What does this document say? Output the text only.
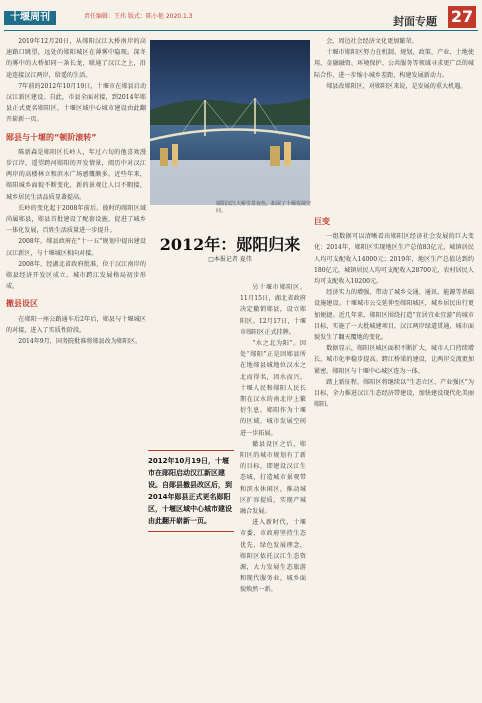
十堰周刊	责任编辑：王玮 版式：陈小艳 2020.1.3	封面专题 27

2019年12月20日，从郧阳汉江大桥南岸的高速路口眺望，远处的郧阳城区在薄雾中隐现。深冬的雾中的大桥如同一条长龙，联通了汉江之上，沿途连接汉江两岸，给遥的生活。

7年前的2012年10月19日，十堰市在郧县启动汉江新区建设。自此，市县全面对接，到2014年郧县正式更名郧阳区，十堰区域中心城市建设由此翻开崭新一页。

郧县与十堰的“顿阶滚转”

陈新森是郧阳区长岭人，年过六旬的他喜欢漫步江岸，遥望跨河郧阳的开发情景，阅历中对汉江两岸的高楼林立和滨水广场感慨颇多。近些年来，郧阳城乡面貌不断变化，新的景观让人目不暇接，城乡居民生活品质显著提高。

长岭的变化起于2008年前后。彼时的郧阳区域尚属郧县，郧县首批建设了配套设施，促进了城乡一体化发展，百姓生活质量进一步提升。

2008年，郧县政府在“十一五”规划中提出建设汉江新区，与十堰城区相向对接。

2008年，经湖北省政府批准，位于汉江南岸的郧县经济开发区成立。城市跨江发展格局初步形成。

撤县设区

在郧阳一座公路通车后2年后，郧县与十堰城区的对接，进入了实质性阶段。

2014年9月，国务院批准将郧县改为郧阳区。

郧阳汉江大桥雪景夜色，拓展了十堰发展空间。

会、周边社会经济文化更加繁荣。

十堰市郧阳区努力在机制、规划、政策、产业、土地使用、金融融资、环境保护、公共服务等领域寻求更广泛的城际合作，进一步缩小城乡差距，构建发展新动力。

郧县改郧阳区，对郧阳区来说，是发展的重大机遇。

2012年：郧阳归来
□本报记者 夏伟

另十堰市郧阳区。11月15日，湖北省政府决定撤销郧县，设立郧阳区。12月17日，十堰市郧阳区正式挂牌。

“水之北为阳”。因处“郧阳”正是因郧县所在地郧县城地位汉水之北而得名，因水而兴。十堰人民和郧阳人民长期在汉水的南北岸上繁衍生息，郧阳作为十堰的区域，城市发展空间进一步拓展。

撤县设区之后，郧阳区的城市规划有了新的目标，即建设汉江生态城，打造城市景观带和滨水休闲区，推动城区扩容提质，实现产城融合发展。

进入新时代，十堰市委、市政府坚持生态优先、绿色发展理念，郧阳区依托汉江生态资源，大力发展生态旅游和现代服务业，城乡面貌焕然一新。

2012年10月19日，十堰市在郧阳启动汉江新区建设。自郧县撤县改区后，到2014年郧县正式更名郧阳区，十堰区域中心城市建设由此翻开崭新一页。
巨变

一组数据可以清晰看出郧阳区经济社会发展的巨大变化：2014年，郧阳区实现地区生产总值83亿元，城镇居民人均可支配收入14000元；2019年，地区生产总值达到约180亿元，城镇居民人均可支配收入28700元，农村居民人均可支配收入10200元。

经济实力的增强，带动了城乡交通、通讯、能源等基础设施建设。十堰城市公交延伸至郧阳城区，城乡居民出行更加便捷。近几年来，郧阳区围绕打造“宜居宜业宜游”的城市目标，实施了一大批城建项目，汉江两岸绿道贯通，城市面貌发生了翻天覆地的变化。

数据显示，郧阳区城区面积不断扩大，城市人口持续增长，城市化率稳步提高。跨江桥梁的建设，让两岸交流更加紧密，郧阳区与十堰中心城区连为一体。

踏上新征程，郧阳区将继续以“生态立区、产业强区”为目标，全力推进汉江生态经济带建设，加快建设现代化美丽郧阳。
